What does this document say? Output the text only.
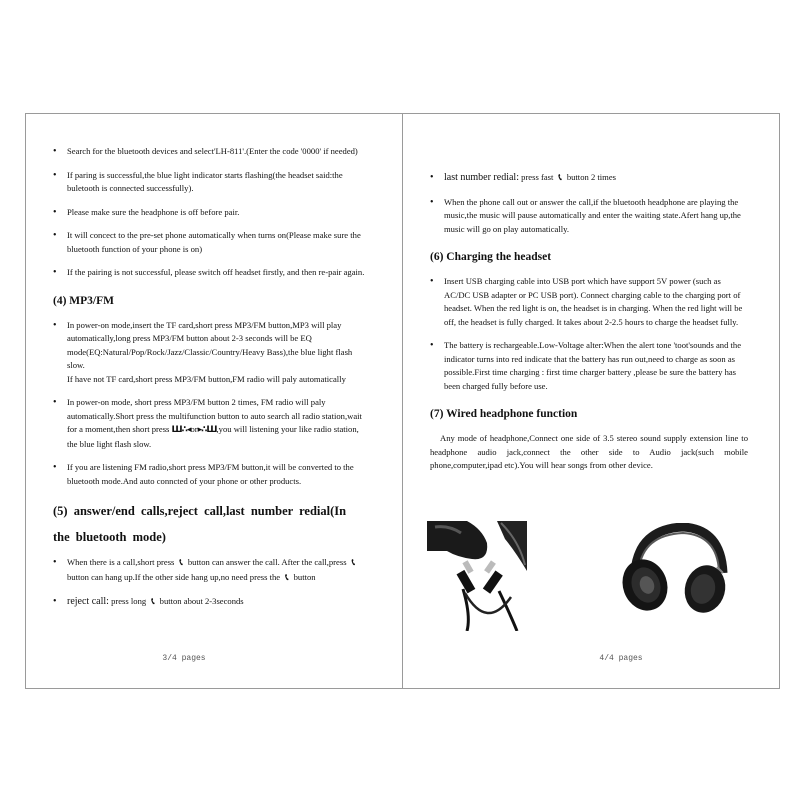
• Search for the bluetooth devices and select'LH-811'.(Enter the code '0000' if needed)
• If paring is successful,the blue light indicator starts flashing(the headset said:the buletooth is connected successfully).
• Please make sure the headphone is off before pair.
• It will concect to the pre-set phone automatically when turns on(Please make sure the bluetooth function of your phone is on)
• If the pairing is not successful, please switch off headset firstly, and then re-pair again.
(4) MP3/FM
• In power-on mode,insert the TF card,short press MP3/FM button,MP3 will play automatically,long press MP3/FM button about 2-3 seconds will be EQ mode(EQ:Natural/Pop/Rock/Jazz/Classic/Country/Heavy Bass),the blue light flash slow.
If have not TF card,short press MP3/FM button,FM radio will paly automatically
• In power-on mode, short press MP3/FM button 2 times, FM radio will paly automatically.Short press the multifunction button to auto search all radio station,wait for a moment,then short press Ш∴◂or▸∴Ш,you will listening your like radio station, the blue light flash slow.
• If you are listening FM radio,short press MP3/FM button,it will be converted to the bluetooth mode.And auto conncted of your phone or other products.
(5) answer/end calls,reject call,last number redial(In the bluetooth mode)
• When there is a call,short press 📞︎ button can answer the call. After the call,press 📞︎ button can hang up.If the other side hang up,no need press the 📞︎ button
• reject call: press long 📞︎ button about 2-3seconds
3/4 pages
• last number redial: press fast 📞︎ button 2 times
• When the phone call out or answer the call,if the bluetooth headphone are playing the music,the music will pause automatically and enter the waiting state.Afert hang up,the music will go on play automatically.
(6) Charging the headset
• Insert USB charging cable into USB port which have support 5V power (such as AC/DC USB adapter or PC USB port). Connect charging cable to the charging port of headset. When the red light is on, the headset is in charging. When the red light will be off, the headset is fully charged. It takes about 2-2.5 hours to charge the headset fully.
• The battery is rechargeable.Low-Voltage alter:When the alert tone 'toot'sounds and the indicator turns into red indicate that the battery has run out,need to charge as soon as possible.First time charging : first time charger battery ,please be sure the battery has been charged fully before use.
(7) Wired headphone function

Any mode of headphone,Connect one side of 3.5 stereo sound supply extension line to headphone audio jack,connect the other side to Audio jack(such mobile phone,computer,ipad etc).You will hear songs from other device.

4/4 pages
